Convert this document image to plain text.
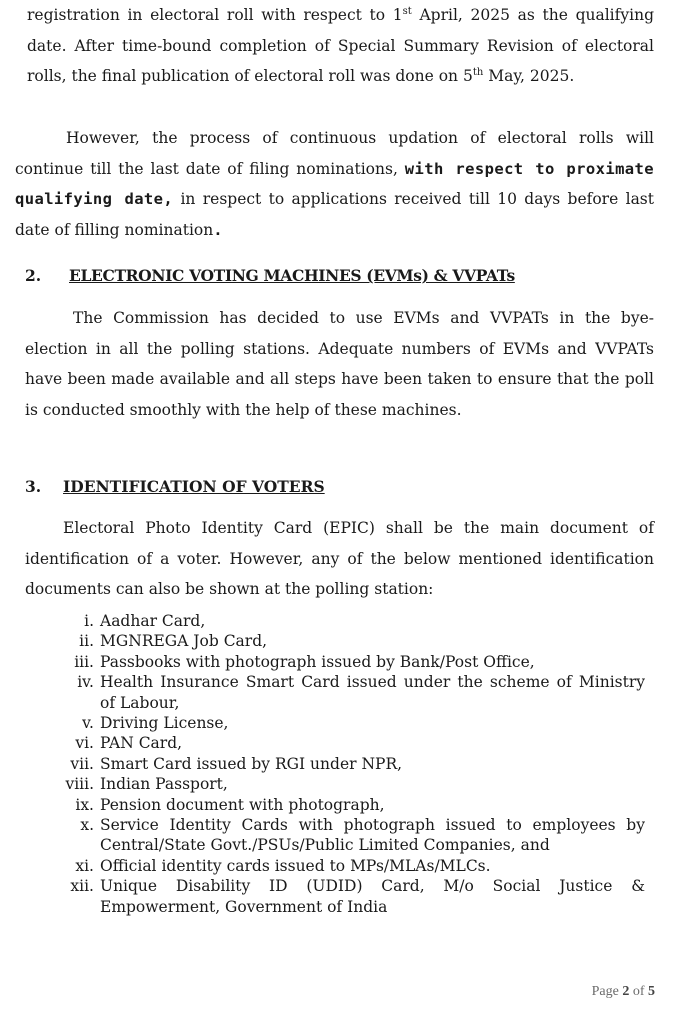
registration in electoral roll with respect to 1st April, 2025 as the qualifying date. After time-bound completion of Special Summary Revision of electoral rolls, the final publication of electoral roll was done on 5th May, 2025.

However, the process of continuous updation of electoral rolls will continue till the last date of filing nominations, with respect to proximate qualifying date, in respect to applications received till 10 days before last date of filling nomination.

2. ELECTRONIC VOTING MACHINES (EVMs) & VVPATs

The Commission has decided to use EVMs and VVPATs in the bye-election in all the polling stations. Adequate numbers of EVMs and VVPATs have been made available and all steps have been taken to ensure that the poll is conducted smoothly with the help of these machines.

3. IDENTIFICATION OF VOTERS

Electoral Photo Identity Card (EPIC) shall be the main document of identification of a voter. However, any of the below mentioned identification documents can also be shown at the polling station:

i. Aadhar Card,
ii. MGNREGA Job Card,
iii. Passbooks with photograph issued by Bank/Post Office,
iv. Health Insurance Smart Card issued under the scheme of Ministry of Labour,
v. Driving License,
vi. PAN Card,
vii. Smart Card issued by RGI under NPR,
viii. Indian Passport,
ix. Pension document with photograph,
x. Service Identity Cards with photograph issued to employees by Central/State Govt./PSUs/Public Limited Companies, and
xi. Official identity cards issued to MPs/MLAs/MLCs.
xii. Unique Disability ID (UDID) Card, M/o Social Justice & Empowerment, Government of India
Page 2 of 5
